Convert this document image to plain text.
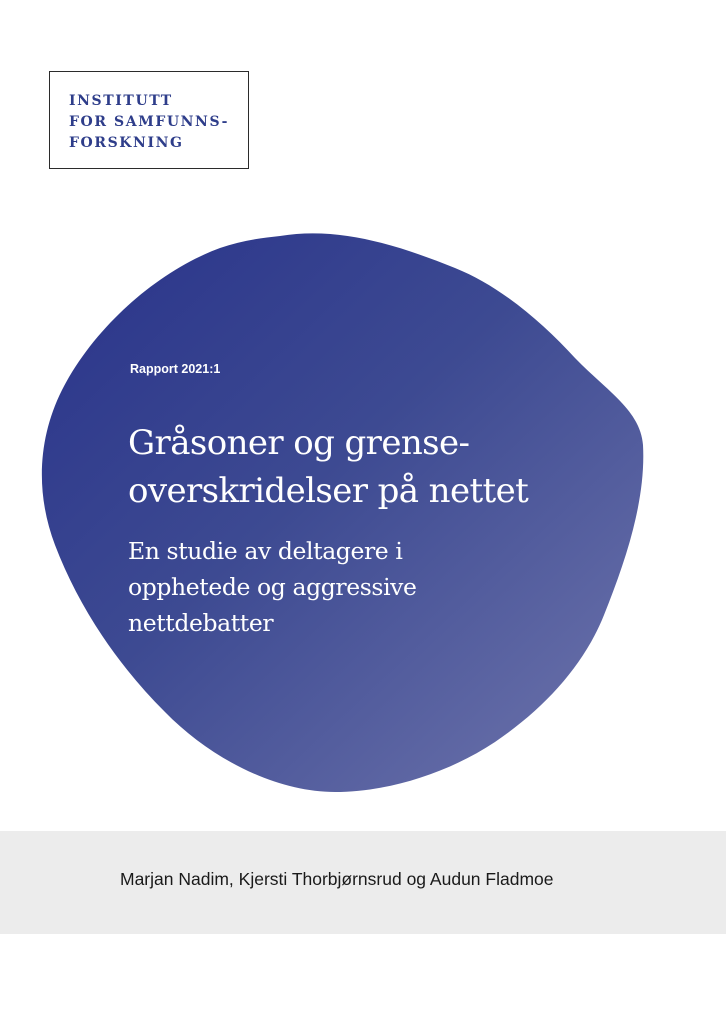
INSTITUTT
FOR SAMFUNNS-
FORSKNING
Rapport 2021:1
Gråsoner og grense-
overskridelser på nettet
En studie av deltagere i
opphetede og aggressive
nettdebatter
Marjan Nadim, Kjersti Thorbjørnsrud og Audun Fladmoe
